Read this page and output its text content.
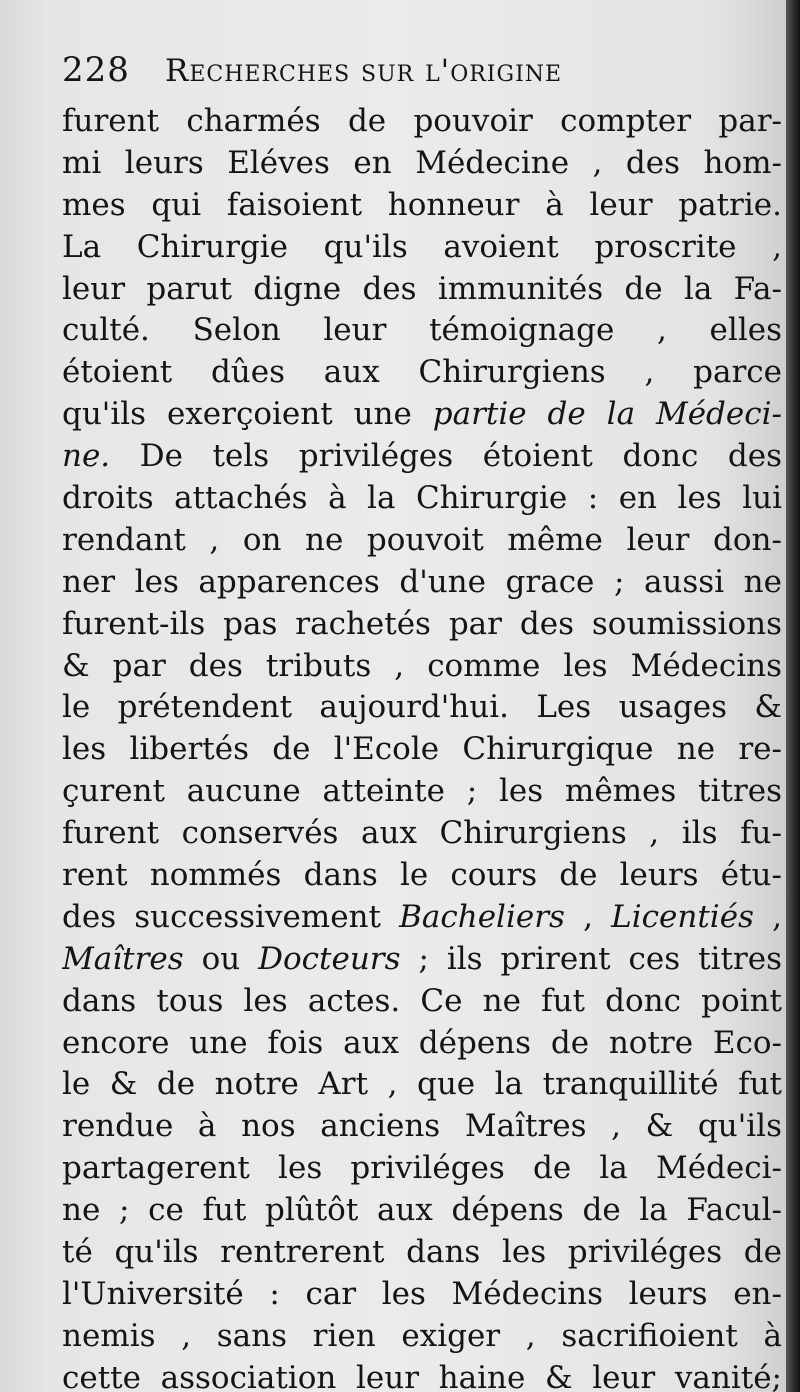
228 Recherches sur l'origine
furent charmés de pouvoir compter par-
mi leurs Eléves en Médecine , des hom-
mes qui faisoient honneur à leur patrie.
La Chirurgie qu'ils avoient proscrite ,
leur parut digne des immunités de la Fa-
culté. Selon leur témoignage , elles
étoient dûes aux Chirurgiens , parce
qu'ils exerçoient une partie de la Médeci-
ne. De tels priviléges étoient donc des
droits attachés à la Chirurgie : en les lui
rendant , on ne pouvoit même leur don-
ner les apparences d'une grace ; aussi ne
furent-ils pas rachetés par des soumissions
& par des tributs , comme les Médecins
le prétendent aujourd'hui. Les usages &
les libertés de l'Ecole Chirurgique ne re-
çurent aucune atteinte ; les mêmes titres
furent conservés aux Chirurgiens , ils fu-
rent nommés dans le cours de leurs étu-
des successivement Bacheliers , Licentiés ,
Maîtres ou Docteurs ; ils prirent ces titres
dans tous les actes. Ce ne fut donc point
encore une fois aux dépens de notre Eco-
le & de notre Art , que la tranquillité fut
rendue à nos anciens Maîtres , & qu'ils
partagerent les priviléges de la Médeci-
ne ; ce fut plûtôt aux dépens de la Facul-
té qu'ils rentrerent dans les priviléges de
l'Université : car les Médecins leurs en-
nemis , sans rien exiger , sacrifioient à
cette association leur haine & leur vanité;
